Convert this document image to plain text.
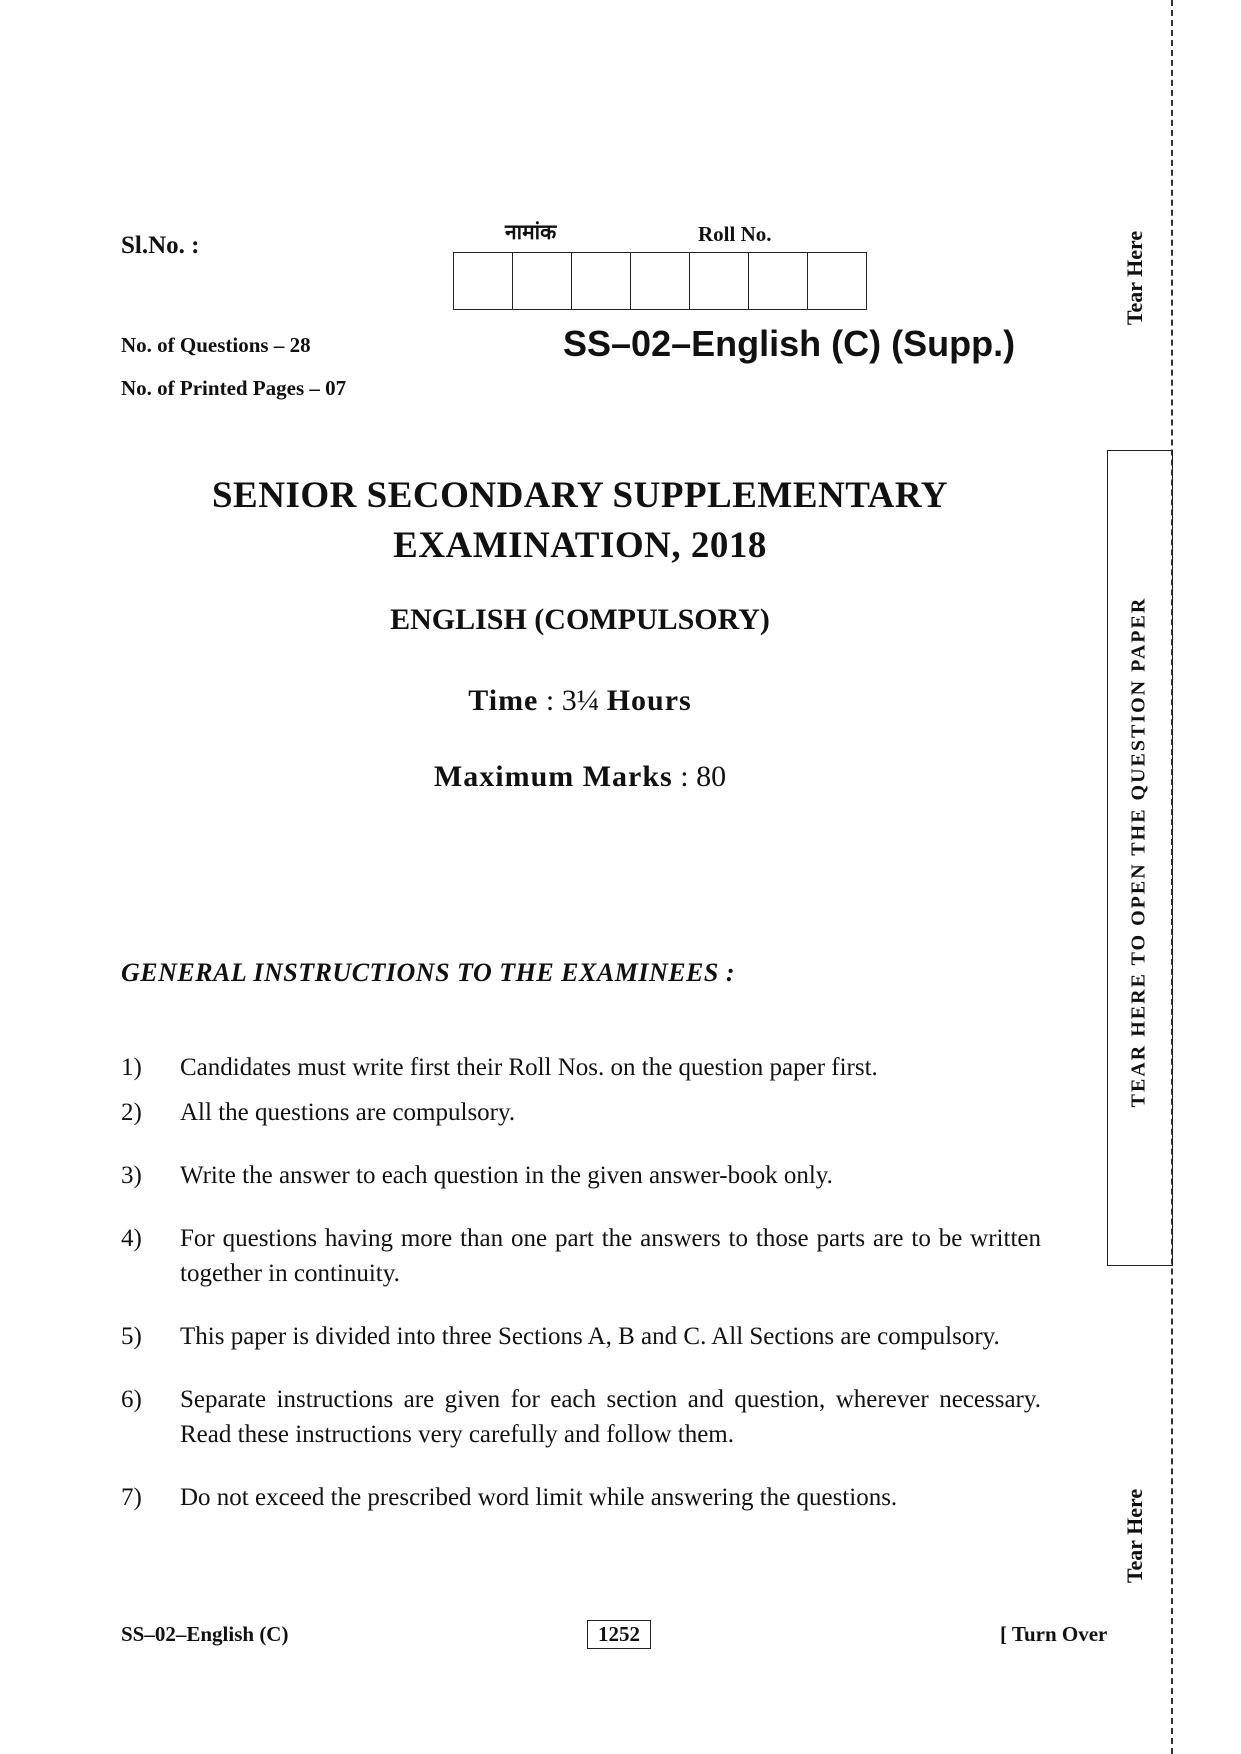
Sl.No. :	नामांक	Roll No.
No. of Questions – 28
No. of Printed Pages – 07
SS–02–English (C) (Supp.)
SENIOR SECONDARY SUPPLEMENTARY
EXAMINATION, 2018
ENGLISH (COMPULSORY)
Time : 3¼ Hours
Maximum Marks : 80
GENERAL INSTRUCTIONS TO THE EXAMINEES :
1)	Candidates must write first their Roll Nos. on the question paper first.
2)	All the questions are compulsory.
3)	Write the answer to each question in the given answer-book only.
4)	For questions having more than one part the answers to those parts are to be written together in continuity.
5)	This paper is divided into three Sections A, B and C. All Sections are compulsory.
6)	Separate instructions are given for each section and question, wherever necessary. Read these instructions very carefully and follow them.
7)	Do not exceed the prescribed word limit while answering the questions.
SS–02–English (C)	1252	[ Turn Over
Tear Here
Tear Here
TEAR HERE TO OPEN THE QUESTION PAPER
